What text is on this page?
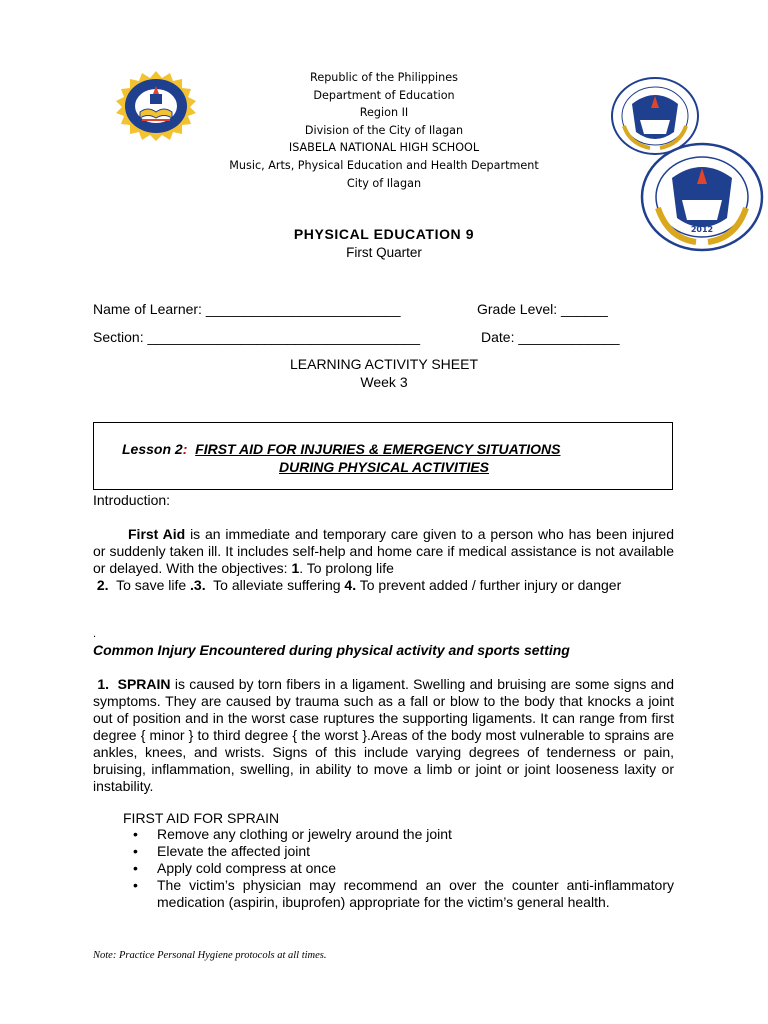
2012
Republic of the Philippines
Department of Education
Region II
Division of the City of Ilagan
ISABELA NATIONAL HIGH SCHOOL
Music, Arts, Physical Education and Health Department
City of Ilagan
PHYSICAL EDUCATION 9
First Quarter
Name of Learner: _________________________	Grade Level: ______
Section: ___________________________________	Date: _____________
LEARNING ACTIVITY SHEET
Week 3
Lesson 2: FIRST AID FOR INJURIES & EMERGENCY SITUATIONS
DURING PHYSICAL ACTIVITIES
Introduction:
First Aid is an immediate and temporary care given to a person who has been injured or suddenly taken ill. It includes self-help and home care if medical assistance is not available or delayed. With the objectives: 1. To prolong life
2. To save life .3. To alleviate suffering 4. To prevent added / further injury or danger
.
Common Injury Encountered during physical activity and sports setting
1. SPRAIN is caused by torn fibers in a ligament. Swelling and bruising are some signs and symptoms. They are caused by trauma such as a fall or blow to the body that knocks a joint out of position and in the worst case ruptures the supporting ligaments. It can range from first degree { minor } to third degree { the worst }.Areas of the body most vulnerable to sprains are ankles, knees, and wrists. Signs of this include varying degrees of tenderness or pain, bruising, inflammation, swelling, in ability to move a limb or joint or joint looseness laxity or instability.
FIRST AID FOR SPRAIN
• Remove any clothing or jewelry around the joint
• Elevate the affected joint
• Apply cold compress at once
• The victim’s physician may recommend an over the counter anti-inflammatory medication (aspirin, ibuprofen) appropriate for the victim’s general health.
Note: Practice Personal Hygiene protocols at all times.
